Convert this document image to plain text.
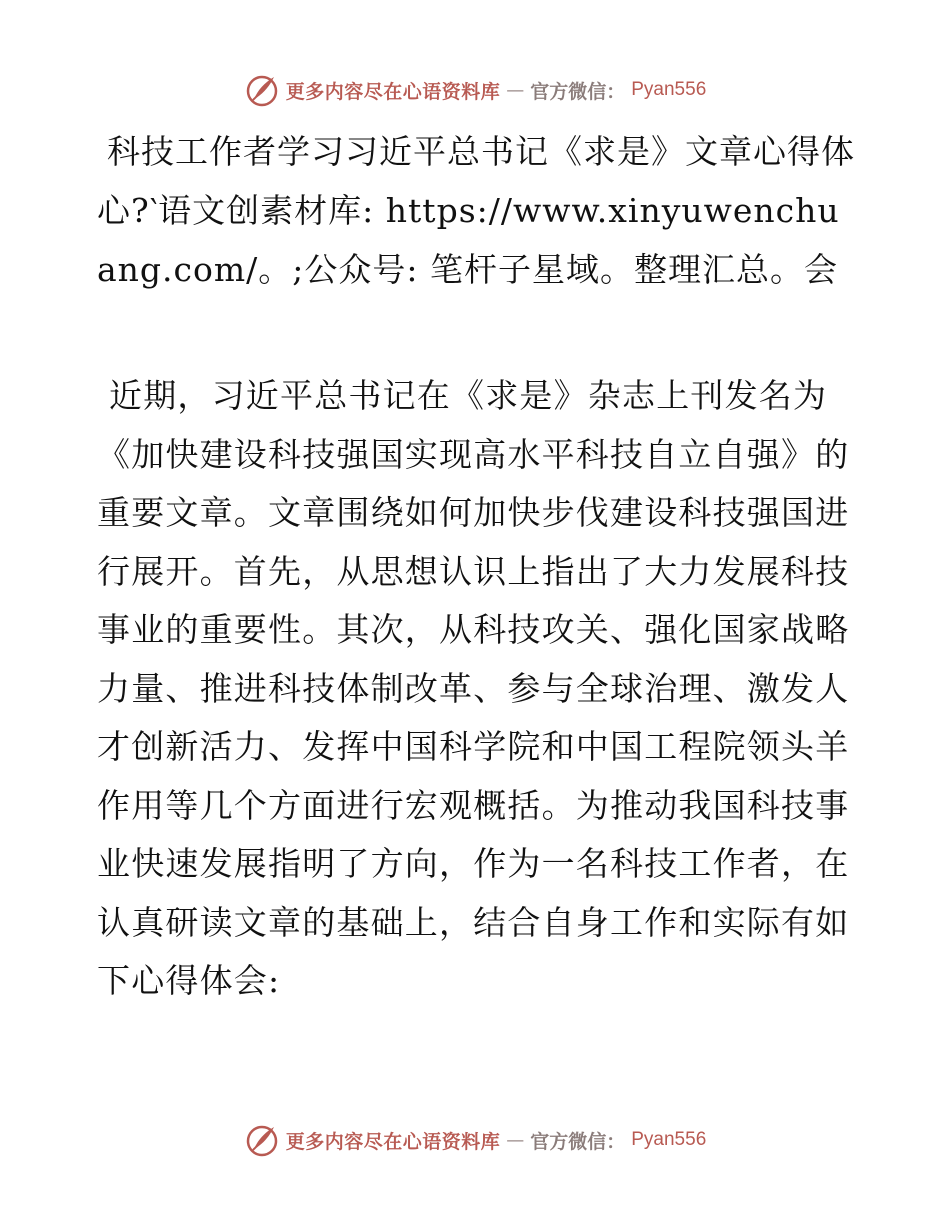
更多内容尽在心语资料库 — 官方微信： Pyan556
科技工作者学习习近平总书记《求是》文章心得体心?‵语文创素材库: https://www.xinyuwenchuang.com/。;公众号: 笔杆子星域。整理汇总。会

近期，习近平总书记在《求是》杂志上刊发名为《加快建设科技强国实现高水平科技自立自强》的重要文章。文章围绕如何加快步伐建设科技强国进行展开。首先，从思想认识上指出了大力发展科技事业的重要性。其次，从科技攻关、强化国家战略力量、推进科技体制改革、参与全球治理、激发人才创新活力、发挥中国科学院和中国工程院领头羊作用等几个方面进行宏观概括。为推动我国科技事业快速发展指明了方向，作为一名科技工作者，在认真研读文章的基础上，结合自身工作和实际有如下心得体会:

更多内容尽在心语资料库 — 官方微信： Pyan556
